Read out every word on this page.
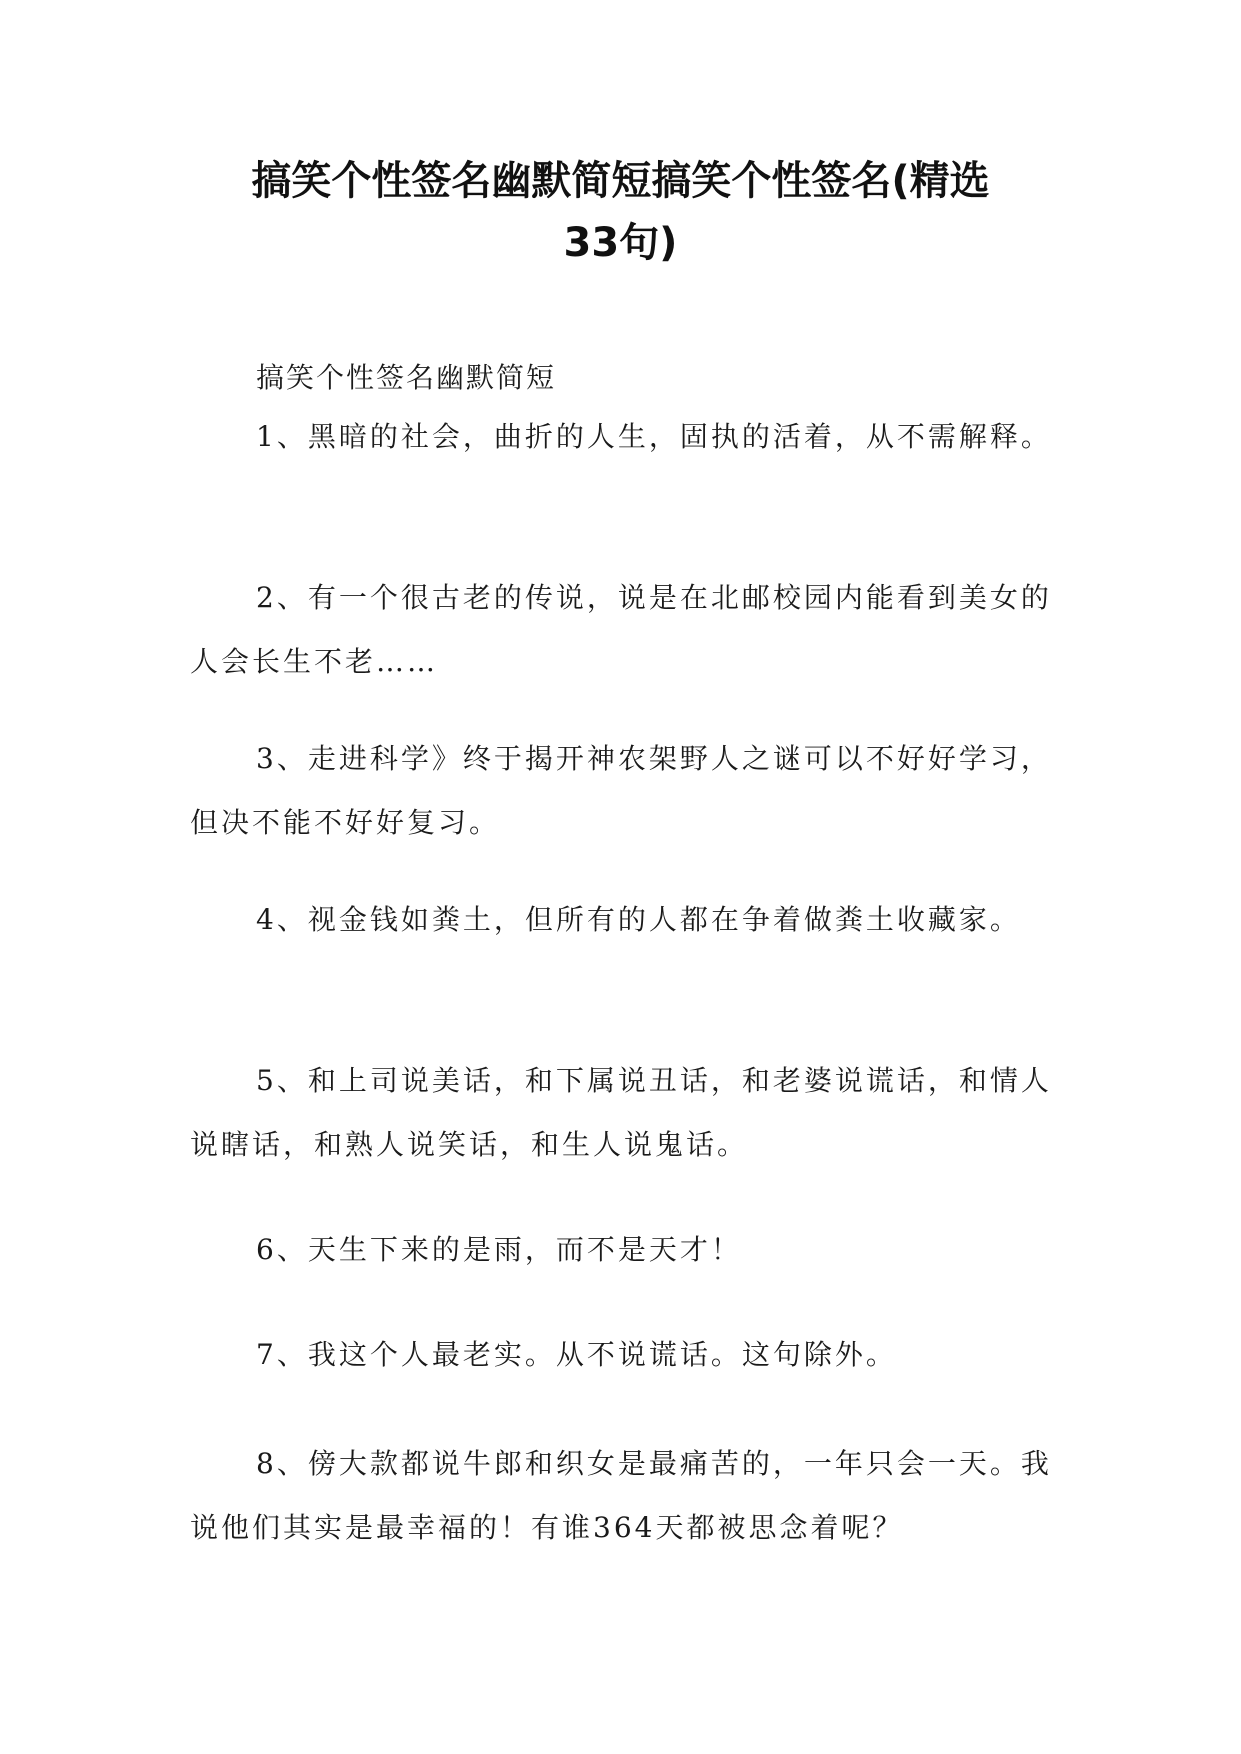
搞笑个性签名幽默简短搞笑个性签名(精选
33句)
搞笑个性签名幽默简短

1、黑暗的社会，曲折的人生，固执的活着，从不需解释。

2、有一个很古老的传说，说是在北邮校园内能看到美女的人会长生不老……

3、走进科学》终于揭开神农架野人之谜可以不好好学习，但决不能不好好复习。

4、视金钱如粪土，但所有的人都在争着做粪土收藏家。

5、和上司说美话，和下属说丑话，和老婆说谎话，和情人说瞎话，和熟人说笑话，和生人说鬼话。

6、天生下来的是雨，而不是天才！

7、我这个人最老实。从不说谎话。这句除外。

8、傍大款都说牛郎和织女是最痛苦的，一年只会一天。我说他们其实是最幸福的！有谁364天都被思念着呢？
